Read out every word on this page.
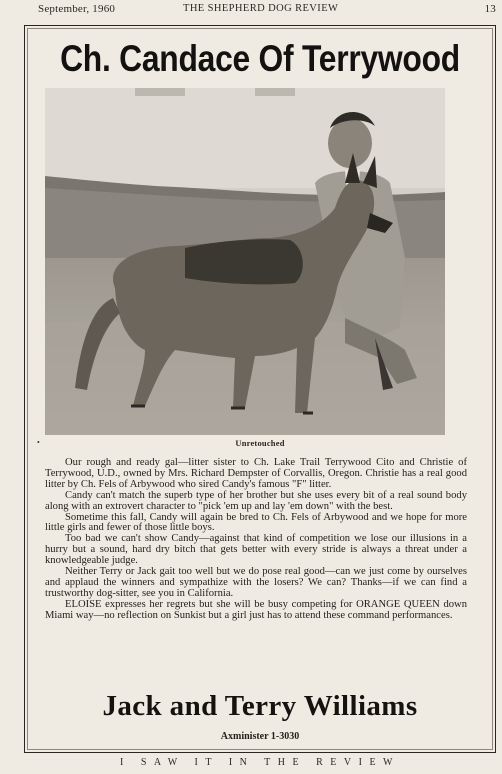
September, 1960	THE SHEPHERD DOG REVIEW	13
Ch. Candace Of Terrywood
•	Unretouched

Our rough and ready gal—litter sister to Ch. Lake Trail Terrywood Cito and Christie of Terrywood, U.D., owned by Mrs. Richard Dempster of Corvallis, Oregon. Christie has a real good litter by Ch. Fels of Arbywood who sired Candy's famous "F" litter.

Candy can't match the superb type of her brother but she uses every bit of a real sound body along with an extrovert character to "pick 'em up and lay 'em down" with the best.

Sometime this fall, Candy will again be bred to Ch. Fels of Arbywood and we hope for more little girls and fewer of those little boys.

Too bad we can't show Candy—against that kind of competition we lose our illusions in a hurry but a sound, hard dry bitch that gets better with every stride is always a threat under a knowledgeable judge.

Neither Terry or Jack gait too well but we do pose real good—can we just come by ourselves and applaud the winners and sympathize with the losers? We can? Thanks—if we can find a trustworthy dog-sitter, see you in California.

ELOISE expresses her regrets but she will be busy competing for ORANGE QUEEN down Miami way—no reflection on Sunkist but a girl just has to attend these command performances.

Jack and Terry Williams
Axminister 1-3030
I SAW IT IN THE REVIEW
